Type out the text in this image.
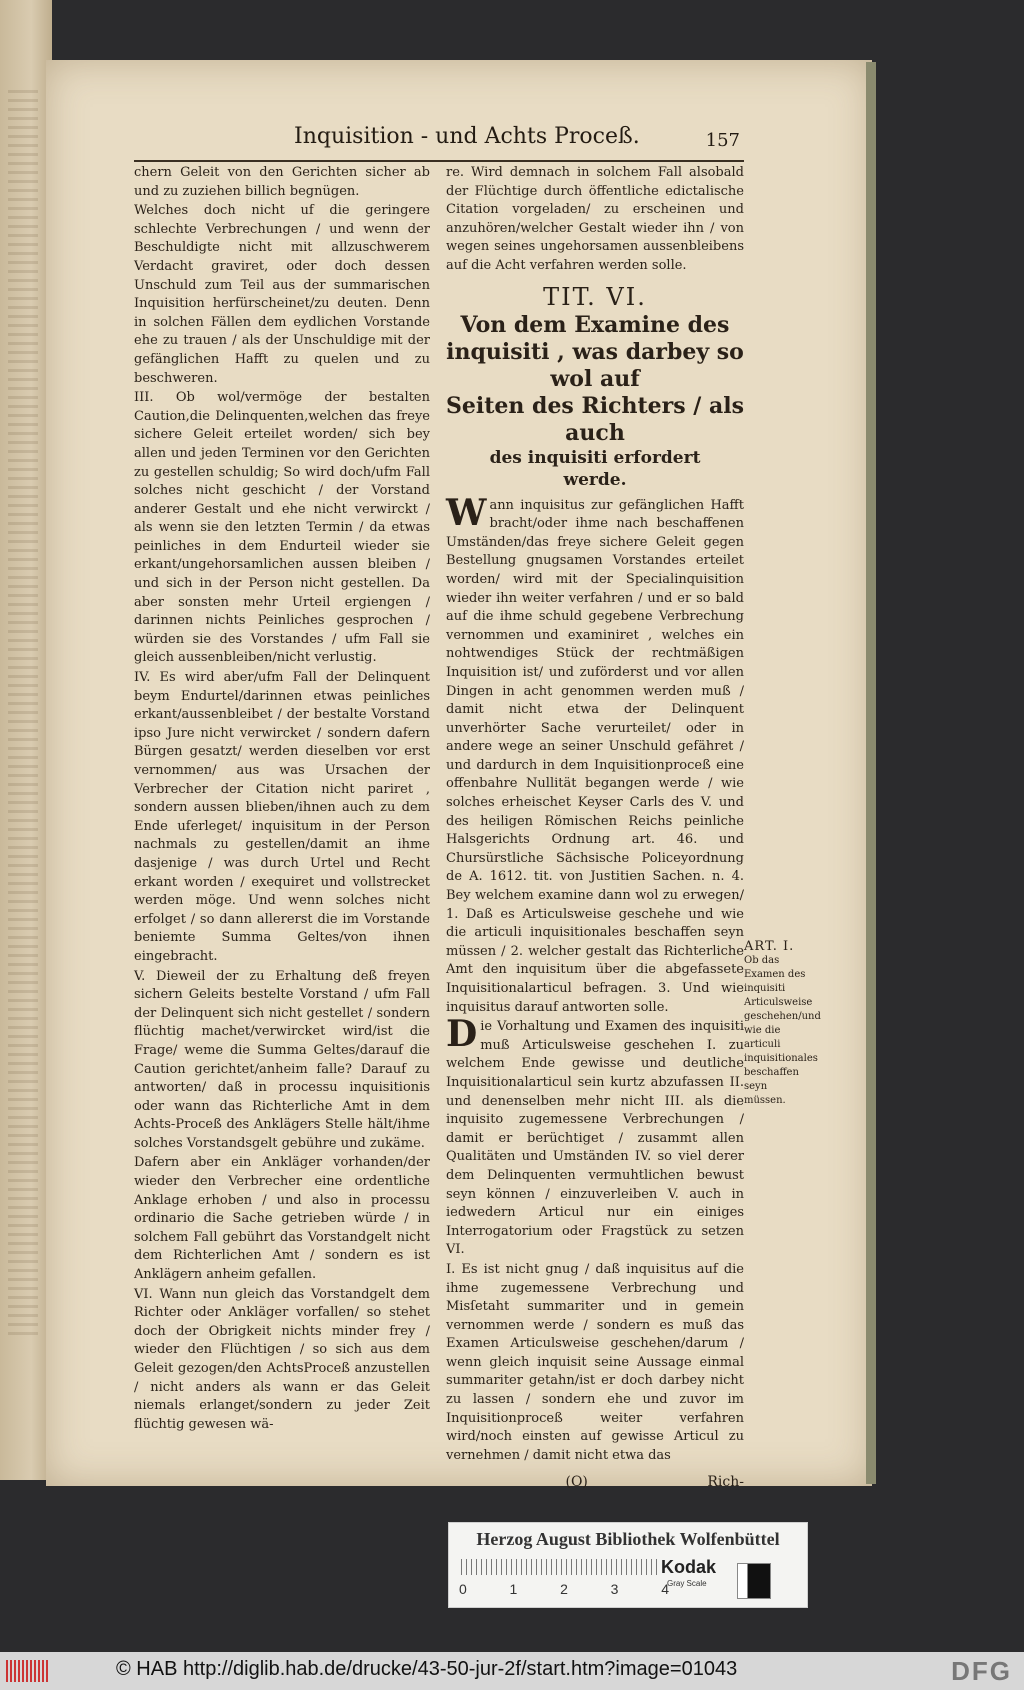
Inquisition - und Achts Proceß.	157

chern Geleit von den Gerichten sicher ab und zu zuziehen billich begnügen.

Welches doch nicht uf die geringere schlechte Verbrechungen / und wenn der Beschuldigte nicht mit allzuschwerem Verdacht graviret, oder doch dessen Unschuld zum Teil aus der summarischen Inquisition herfürscheinet/zu deuten. Denn in solchen Fällen dem eydlichen Vorstande ehe zu trauen / als der Unschuldige mit der gefänglichen Hafft zu quelen und zu beschweren.

III. Ob wol/vermöge der bestalten Caution,die Delinquenten,welchen das freye sichere Geleit erteilet worden/ sich bey allen und jeden Terminen vor den Gerichten zu gestellen schuldig; So wird doch/ufm Fall solches nicht geschicht / der Vorstand anderer Gestalt und ehe nicht verwirckt / als wenn sie den letzten Termin / da etwas peinliches in dem Endurteil wieder sie erkant/ungehorsamlichen aussen bleiben / und sich in der Person nicht gestellen. Da aber sonsten mehr Urteil ergiengen / darinnen nichts Peinliches gesprochen / würden sie des Vorstandes / ufm Fall sie gleich aussenbleiben/nicht verlustig.

IV. Es wird aber/ufm Fall der Delinquent beym Endurtel/darinnen etwas peinliches erkant/aussenbleibet / der bestalte Vorstand ipso Jure nicht verwircket / sondern dafern Bürgen gesatzt/ werden dieselben vor erst vernommen/ aus was Ursachen der Verbrecher der Citation nicht pariret , sondern aussen blieben/ihnen auch zu dem Ende uferleget/ inquisitum in der Person nachmals zu gestellen/damit an ihme dasjenige / was durch Urtel und Recht erkant worden / exequiret und vollstrecket werden möge. Und wenn solches nicht erfolget / so dann allererst die im Vorstande beniemte Summa Geltes/von ihnen eingebracht.

V. Dieweil der zu Erhaltung deß freyen sichern Geleits bestelte Vorstand / ufm Fall der Delinquent sich nicht gestellet / sondern flüchtig machet/verwircket wird/ist die Frage/ weme die Summa Geltes/darauf die Caution gerichtet/anheim falle? Darauf zu antworten/ daß in processu inquisitionis oder wann das Richterliche Amt in dem Achts-Proceß des Anklägers Stelle hält/ihme solches Vorstandsgelt gebühre und zukäme.

Dafern aber ein Ankläger vorhanden/der wieder den Verbrecher eine ordentliche Anklage erhoben / und also in processu ordinario die Sache getrieben würde / in solchem Fall gebührt das Vorstandgelt nicht dem Richterlichen Amt / sondern es ist Anklägern anheim gefallen.

VI. Wann nun gleich das Vorstandgelt dem Richter oder Ankläger vorfallen/ so stehet doch der Obrigkeit nichts minder frey / wieder den Flüchtigen / so sich aus dem Geleit gezogen/den AchtsProceß anzustellen / nicht anders als wann er das Geleit niemals erlanget/sondern zu jeder Zeit flüchtig gewesen wä-

re. Wird demnach in solchem Fall alsobald der Flüchtige durch öffentliche edictalische Citation vorgeladen/ zu erscheinen und anzuhören/welcher Gestalt wieder ihn / von wegen seines ungehorsamen aussenbleibens auf die Acht verfahren werden solle.

TIT. VI.
Von dem Examine des inquisiti , was darbey so wol auf
Seiten des Richters / als auch
des inquisiti erfordert
werde.

Wann inquisitus zur gefänglichen Hafft bracht/oder ihme nach beschaffenen Umständen/das freye sichere Geleit gegen Bestellung gnugsamen Vorstandes erteilet worden/ wird mit der Specialinquisition wieder ihn weiter verfahren / und er so bald auf die ihme schuld gegebene Verbrechung vernommen und examiniret , welches ein nohtwendiges Stück der rechtmäßigen Inquisition ist/ und zuförderst und vor allen Dingen in acht genommen werden muß / damit nicht etwa der Delinquent unverhörter Sache verurteilet/ oder in andere wege an seiner Unschuld gefähret / und dardurch in dem Inquisitionproceß eine offenbahre Nullität begangen werde / wie solches erheischet Keyser Carls des V. und des heiligen Römischen Reichs peinliche Halsgerichts Ordnung art. 46. und Chursürstliche Sächsische Policeyordnung de A. 1612. tit. von Justitien Sachen. n. 4. Bey welchem examine dann wol zu erwegen/ 1. Daß es Articulsweise geschehe und wie die articuli inquisitionales beschaffen seyn müssen / 2. welcher gestalt das Richterliche Amt den inquisitum über die abgefassete Inquisitionalarticul befragen. 3. Und wie inquisitus darauf antworten solle.

Die Vorhaltung und Examen des inquisiti muß Articulsweise geschehen I. zu welchem Ende gewisse und deutliche Inquisitionalarticul sein kurtz abzufassen II. und denenselben mehr nicht III. als die inquisito zugemessene Verbrechungen / damit er berüchtiget / zusammt allen Qualitäten und Umständen IV. so viel derer dem Delinquenten vermuhtlichen bewust seyn können / einzuverleiben V. auch in iedwedern Articul nur ein einiges Interrogatorium oder Fragstück zu setzen VI.

I. Es ist nicht gnug / daß inquisitus auf die ihme zugemessene Verbrechung und Misſetaht summariter und in gemein vernommen werde / sondern es muß das Examen Articulsweise geschehen/darum / wenn gleich inquisit seine Aussage einmal summariter getahn/ist er doch darbey nicht zu lassen / sondern ehe und zuvor im Inquisitionproceß weiter verfahren wird/noch einsten auf gewisse Articul zu vernehmen / damit nicht etwa das

(O)	Rich-
ART. I.
Ob das Examen des inquisiti Articulsweise geschehen/und wie die articuli inquisitionales beschaffen seyn müssen.
Herzog August Bibliothek Wolfenbüttel
0	1	2	3	4
Kodak
Gray Scale
© HAB http://diglib.hab.de/drucke/43-50-jur-2f/start.htm?image=01043	DFG
